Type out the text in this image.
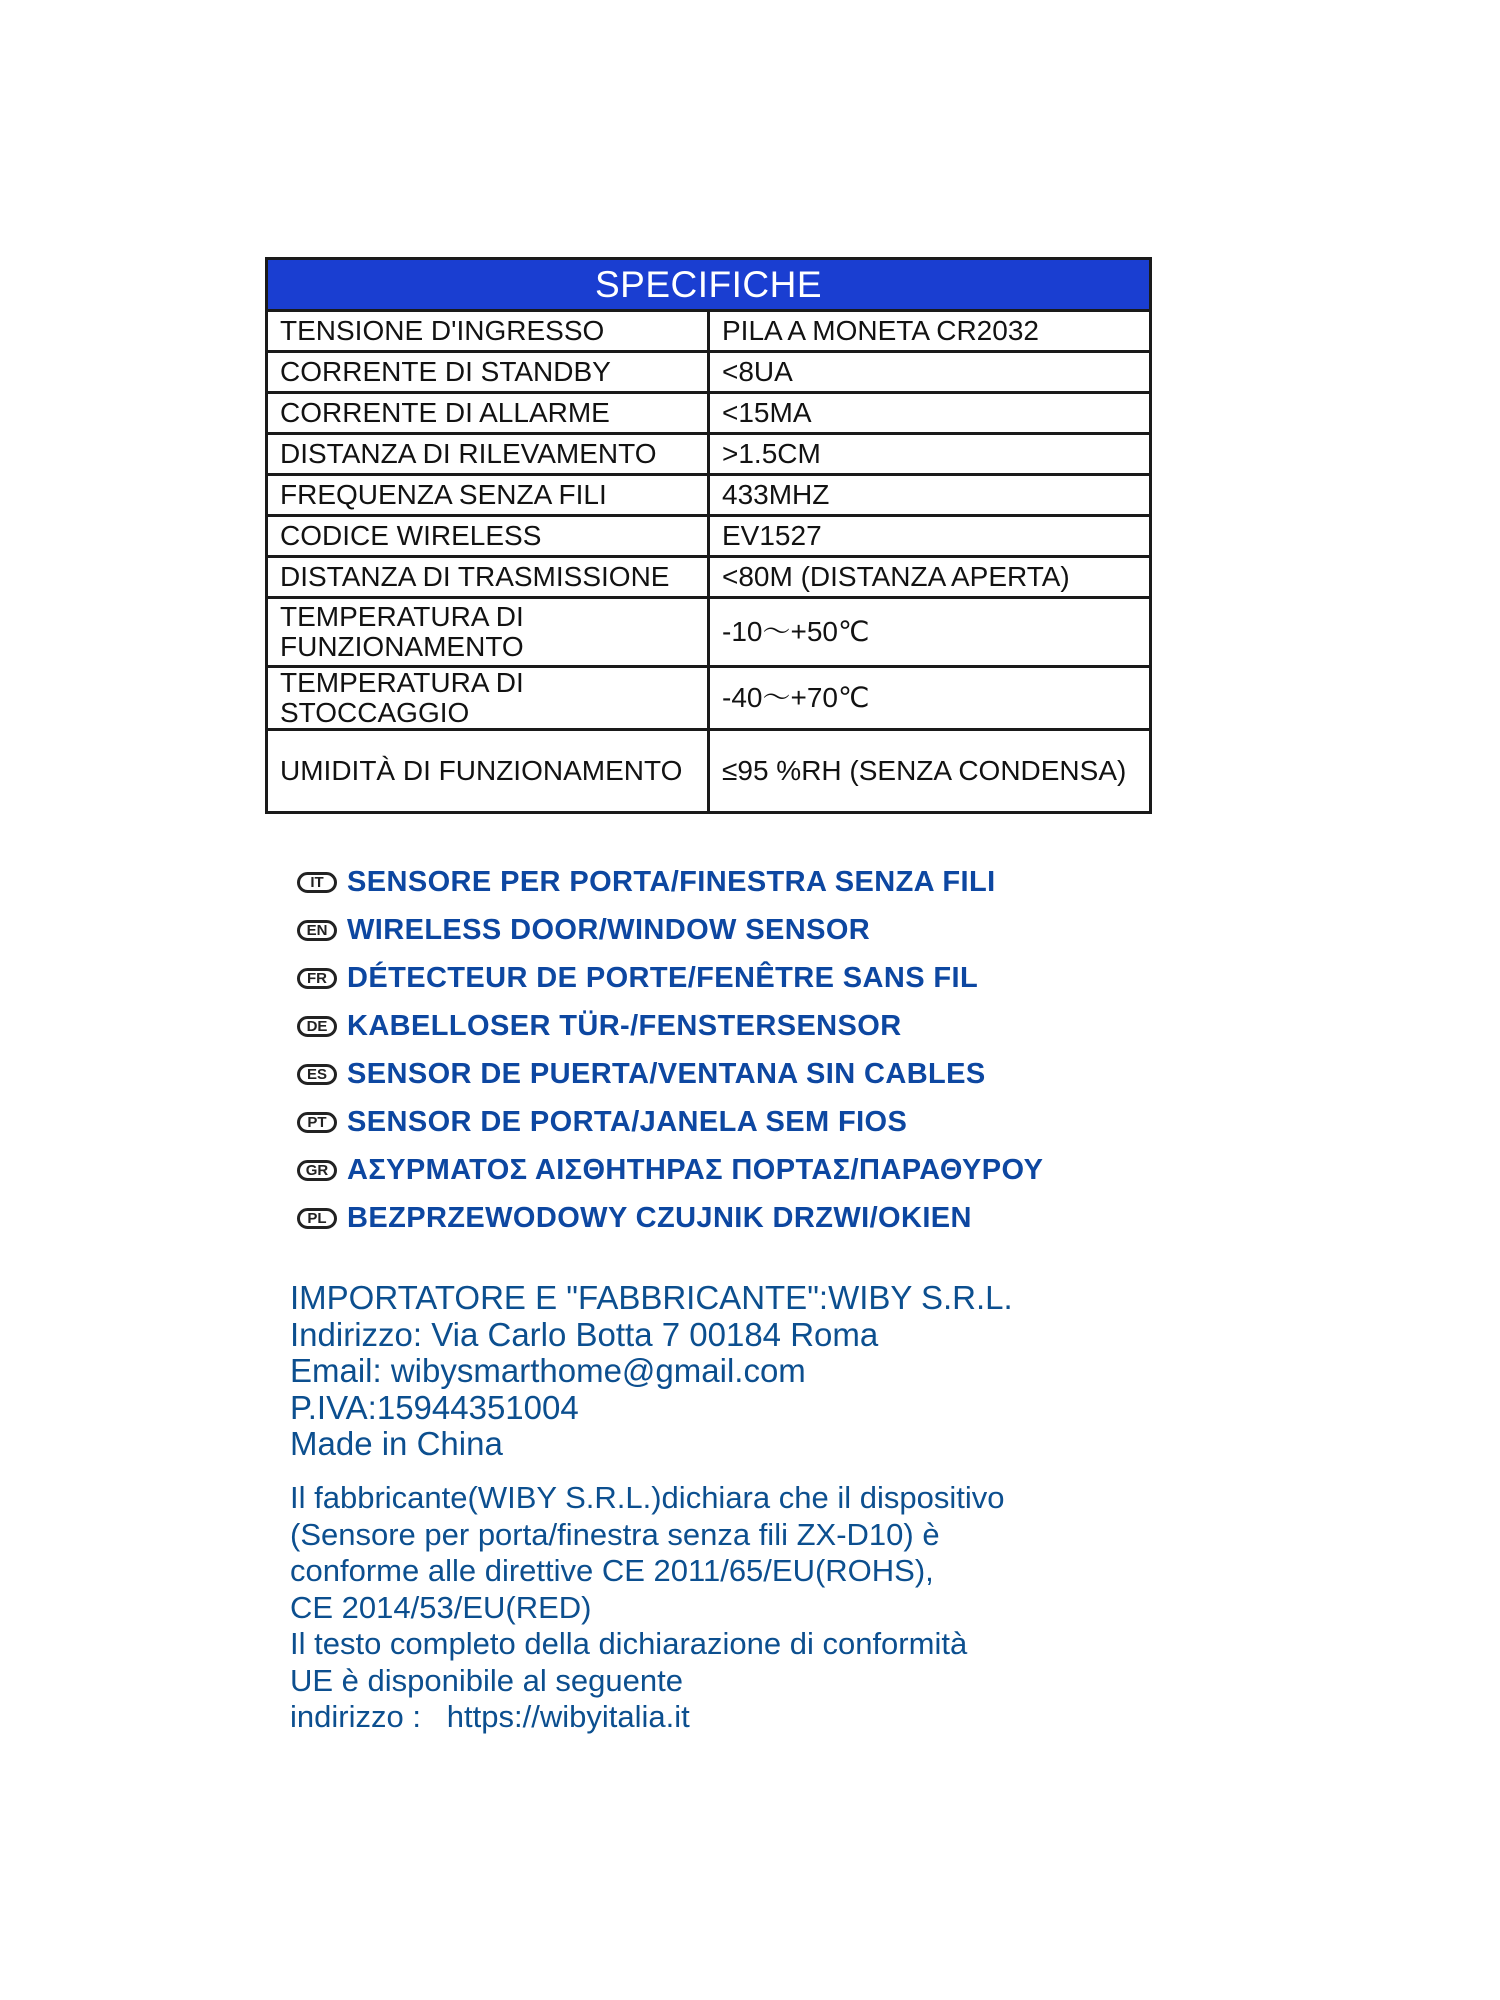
SPECIFICHE	
TENSIONE D'INGRESSO	PILA A MONETA CR2032
CORRENTE DI STANDBY	<8UA
CORRENTE DI ALLARME	<15MA
DISTANZA DI RILEVAMENTO	>1.5CM
FREQUENZA SENZA FILI	433MHZ
CODICE WIRELESS	EV1527
DISTANZA DI TRASMISSIONE	<80M (DISTANZA APERTA)
TEMPERATURA DI FUNZIONAMENTO	-10～+50℃
TEMPERATURA DI STOCCAGGIO	-40～+70℃
UMIDITÀ DI FUNZIONAMENTO	≤95 %RH (SENZA CONDENSA)
IT SENSORE PER PORTA/FINESTRA SENZA FILI
EN WIRELESS DOOR/WINDOW SENSOR
FR DÉTECTEUR DE PORTE/FENÊTRE SANS FIL
DE KABELLOSER TÜR-/FENSTERSENSOR
ES SENSOR DE PUERTA/VENTANA SIN CABLES
PT SENSOR DE PORTA/JANELA SEM FIOS
GR ΑΣΥΡΜΑΤΟΣ ΑΙΣΘΗΤΗΡΑΣ ΠΟΡΤΑΣ/ΠΑΡΑΘΥΡΟΥ
PL BEZPRZEWODOWY CZUJNIK DRZWI/OKIEN
IMPORTATORE E "FABBRICANTE":WIBY S.R.L.
Indirizzo: Via Carlo Botta 7 00184 Roma
Email: wibysmarthome@gmail.com
P.IVA:15944351004
Made in China
Il fabbricante(WIBY S.R.L.)dichiara che il dispositivo
(Sensore per porta/finestra senza fili ZX-D10) è
conforme alle direttive CE 2011/65/EU(ROHS),
CE 2014/53/EU(RED)
Il testo completo della dichiarazione di conformità
UE è disponibile al seguente
indirizzo :   https://wibyitalia.it
